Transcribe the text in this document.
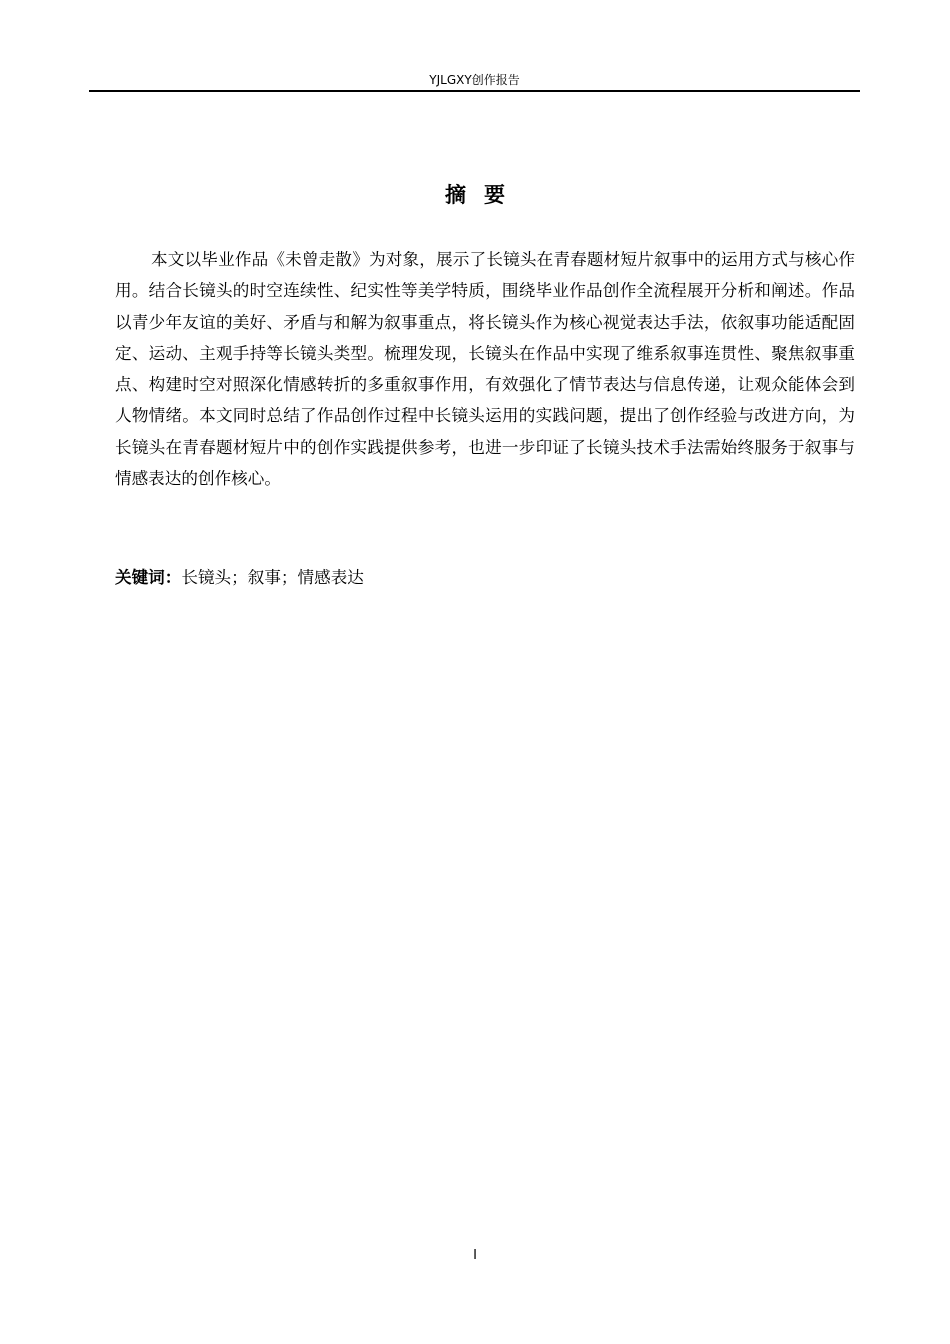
YJLGXY创作报告
摘要

本文以毕业作品《未曾走散》为对象，展示了长镜头在青春题材短片叙事中的运用方式与核心作用。结合长镜头的时空连续性、纪实性等美学特质，围绕毕业作品创作全流程展开分析和阐述。作品以青少年友谊的美好、矛盾与和解为叙事重点，将长镜头作为核心视觉表达手法，依叙事功能适配固定、运动、主观手持等长镜头类型。梳理发现，长镜头在作品中实现了维系叙事连贯性、聚焦叙事重点、构建时空对照深化情感转折的多重叙事作用，有效强化了情节表达与信息传递，让观众能体会到人物情绪。本文同时总结了作品创作过程中长镜头运用的实践问题，提出了创作经验与改进方向，为长镜头在青春题材短片中的创作实践提供参考，也进一步印证了长镜头技术手法需始终服务于叙事与情感表达的创作核心。

关键词：长镜头；叙事；情感表达
I
